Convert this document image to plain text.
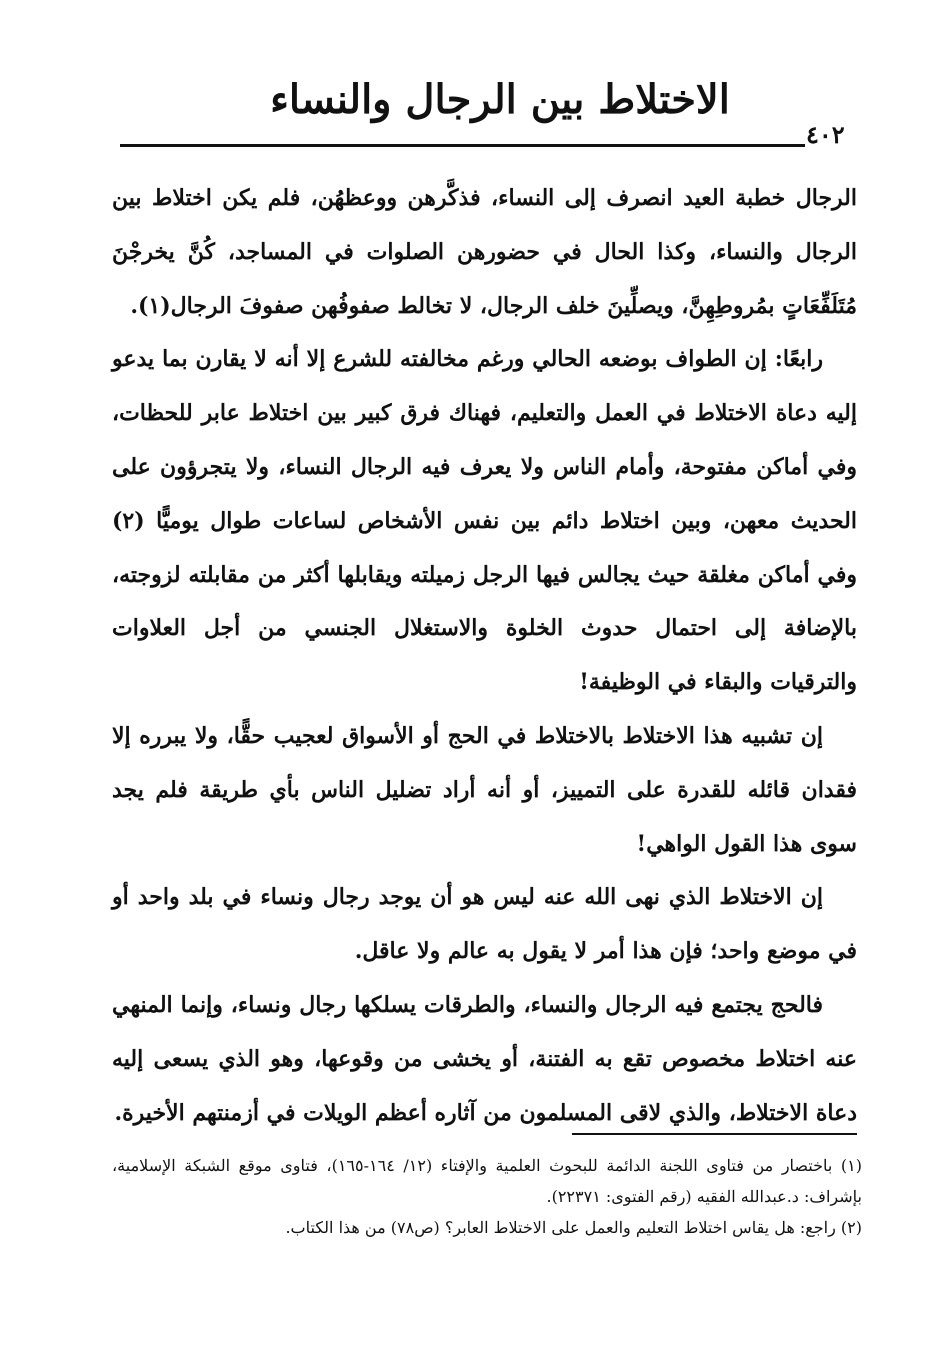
الاختلاط بين الرجال والنساء
٤٠٢

الرجال خطبة العيد انصرف إلى النساء، فذكَّرهن ووعظهُن، فلم يكن اختلاط بين الرجال والنساء، وكذا الحال في حضورهن الصلوات في المساجد، كُنَّ يخرجْنَ مُتَلَفِّعَاتٍ بمُروطِهِنَّ، ويصلِّينَ خلف الرجال، لا تخالط صفوفُهن صفوفَ الرجال(١).

رابعًا: إن الطواف بوضعه الحالي ورغم مخالفته للشرع إلا أنه لا يقارن بما يدعو إليه دعاة الاختلاط في العمل والتعليم، فهناك فرق كبير بين اختلاط عابر للحظات، وفي أماكن مفتوحة، وأمام الناس ولا يعرف فيه الرجال النساء، ولا يتجرؤون على الحديث معهن، وبين اختلاط دائم بين نفس الأشخاص لساعات طوال يوميًّا (٢) وفي أماكن مغلقة حيث يجالس فيها الرجل زميلته ويقابلها أكثر من مقابلته لزوجته، بالإضافة إلى احتمال حدوث الخلوة والاستغلال الجنسي من أجل العلاوات والترقيات والبقاء في الوظيفة!

إن تشبيه هذا الاختلاط بالاختلاط في الحج أو الأسواق لعجيب حقًّا، ولا يبرره إلا فقدان قائله للقدرة على التمييز، أو أنه أراد تضليل الناس بأي طريقة فلم يجد سوى هذا القول الواهي!

إن الاختلاط الذي نهى الله عنه ليس هو أن يوجد رجال ونساء في بلد واحد أو في موضع واحد؛ فإن هذا أمر لا يقول به عالم ولا عاقل.

فالحج يجتمع فيه الرجال والنساء، والطرقات يسلكها رجال ونساء، وإنما المنهي عنه اختلاط مخصوص تقع به الفتنة، أو يخشى من وقوعها، وهو الذي يسعى إليه دعاة الاختلاط، والذي لاقى المسلمون من آثاره أعظم الويلات في أزمنتهم الأخيرة.

(١) باختصار من فتاوى اللجنة الدائمة للبحوث العلمية والإفتاء (١٢/ ١٦٤-١٦٥)، فتاوى موقع الشبكة الإسلامية، بإشراف: د.عبدالله الفقيه (رقم الفتوى: ٢٢٣٧١).

(٢) راجع: هل يقاس اختلاط التعليم والعمل على الاختلاط العابر؟ (ص٧٨) من هذا الكتاب.
